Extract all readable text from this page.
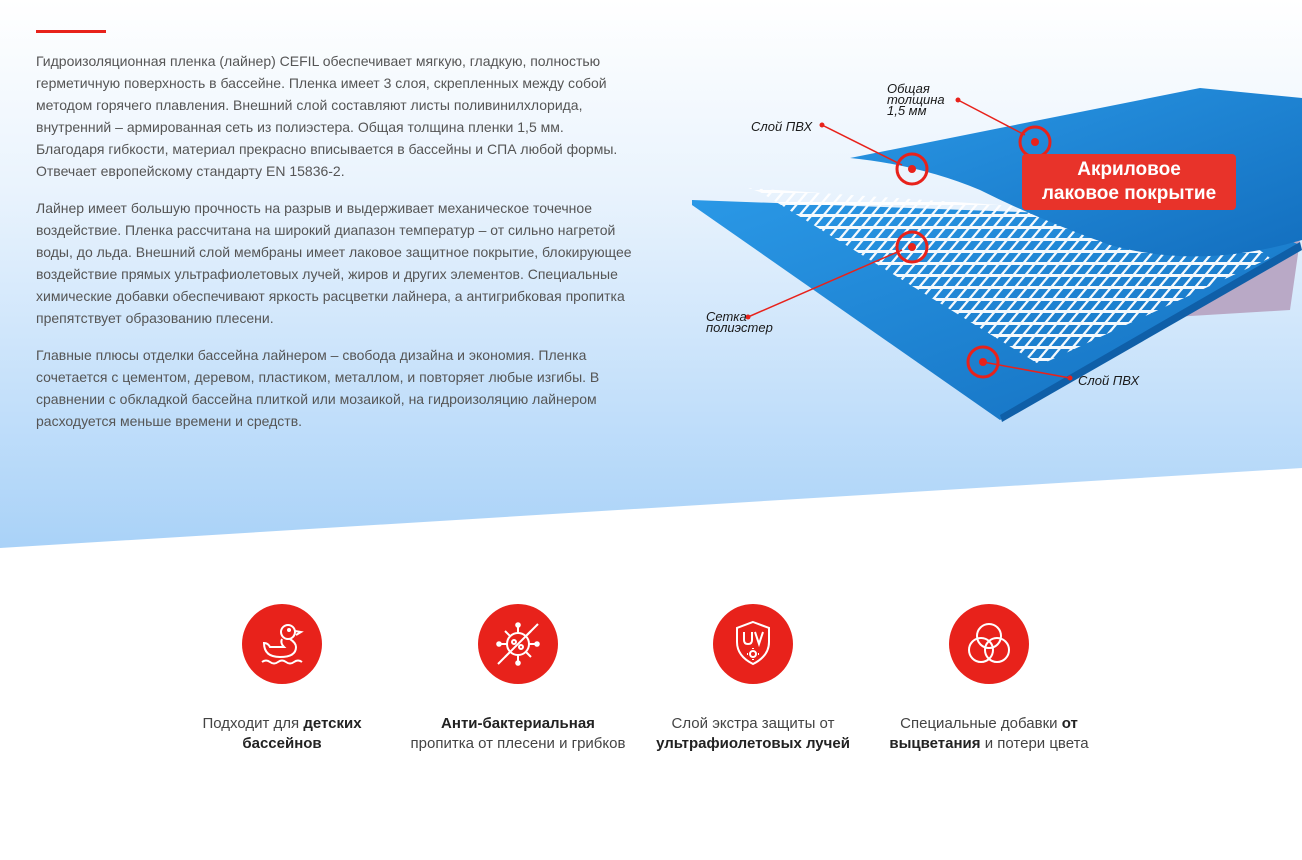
Гидроизоляционная пленка (лайнер) CEFIL обеспечивает мягкую, гладкую, полностью герметичную поверхность в бассейне. Пленка имеет 3 слоя, скрепленных между собой методом горячего плавления. Внешний слой составляют листы поливинилхлорида, внутренний – армированная сеть из полиэстера. Общая толщина пленки 1,5 мм. Благодаря гибкости, материал прекрасно вписывается в бассейны и СПА любой формы. Отвечает европейскому стандарту EN 15836-2.

Лайнер имеет большую прочность на разрыв и выдерживает механическое точечное воздействие. Пленка рассчитана на широкий диапазон температур – от сильно нагретой воды, до льда. Внешний слой мембраны имеет лаковое защитное покрытие, блокирующее воздействие прямых ультрафиолетовых лучей, жиров и других элементов. Специальные химические добавки обеспечивают яркость расцветки лайнера, а антигрибковая пропитка препятствует образованию плесени.

Главные плюсы отделки бассейна лайнером – свобода дизайна и экономия. Пленка сочетается с цементом, деревом, пластиком, металлом, и повторяет любые изгибы. В сравнении с обкладкой бассейна плиткой или мозаикой, на гидроизоляцию лайнером расходуется меньше времени и средств.

Общая
толщина
1,5 мм
Слой ПВХ
Сетка
полиэстер
Слой ПВХ
Акриловое
лаковое покрытие
Подходит для детских бассейнов
Анти-бактериальная пропитка от плесени и грибков
Слой экстра защиты от ультрафиолетовых лучей
Специальные добавки от выцветания и потери цвета
